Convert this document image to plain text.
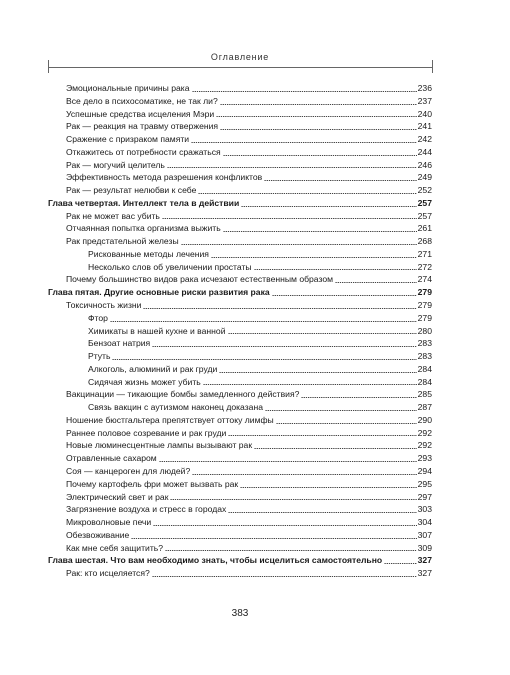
Оглавление
Эмоциональные причины рака	236
Все дело в психосоматике, не так ли?	237
Успешные средства исцеления Мэри	240
Рак — реакция на травму отвержения	241
Сражение с призраком памяти	242
Откажитесь от потребности сражаться	244
Рак — могучий целитель	246
Эффективность метода разрешения конфликтов	249
Рак — результат нелюбви к себе	252
Глава четвертая. Интеллект тела в действии	257
Рак не может вас убить	257
Отчаянная попытка организма выжить	261
Рак предстательной железы	268
Рискованные методы лечения	271
Несколько слов об увеличении простаты	272
Почему большинство видов рака исчезают естественным образом	274
Глава пятая. Другие основные риски развития рака	279
Токсичность жизни	279
Фтор	279
Химикаты в нашей кухне и ванной	280
Бензоат натрия	283
Ртуть	283
Алкоголь, алюминий и рак груди	284
Сидячая жизнь может убить	284
Вакцинации — тикающие бомбы замедленного действия?	285
Связь вакцин с аутизмом наконец доказана	287
Ношение бюстгальтера препятствует оттоку лимфы	290
Раннее половое созревание и рак груди	292
Новые люминесцентные лампы вызывают рак	292
Отравленные сахаром	293
Соя — канцероген для людей?	294
Почему картофель фри может вызвать рак	295
Электрический свет и рак	297
Загрязнение воздуха и стресс в городах	303
Микроволновые печи	304
Обезвоживание	307
Как мне себя защитить?	309
Глава шестая. Что вам необходимо знать, чтобы исцелиться самостоятельно	327
Рак: кто исцеляется?	327
383
